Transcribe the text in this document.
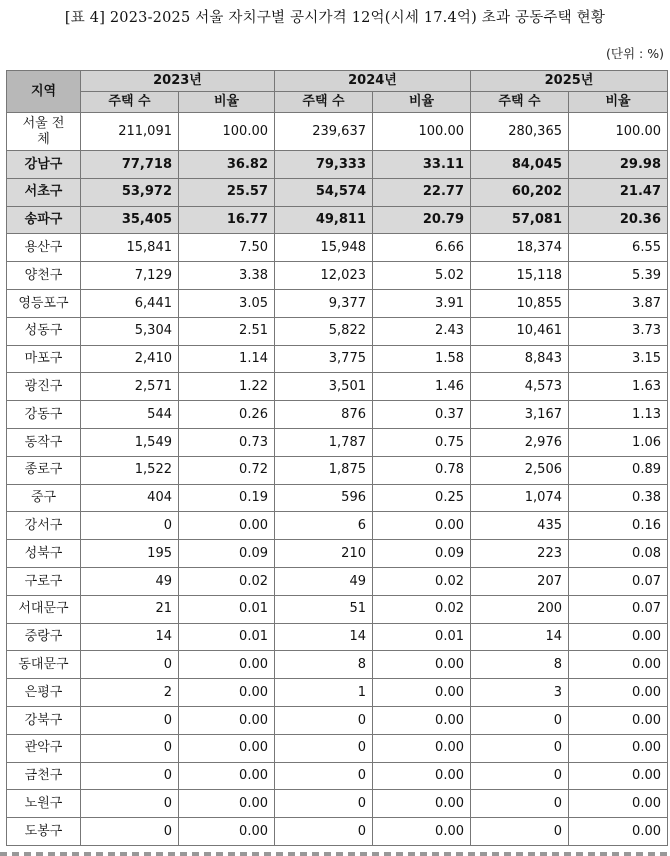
[표 4] 2023-2025 서울 자치구별 공시가격 12억(시세 17.4억) 초과 공동주택 현황
(단위 : %)
지역	2023년		2024년		2025년	
	주택 수	비율	주택 수	비율	주택 수	비율
서울 전체	211,091	100.00	239,637	100.00	280,365	100.00
강남구	77,718	36.82	79,333	33.11	84,045	29.98
서초구	53,972	25.57	54,574	22.77	60,202	21.47
송파구	35,405	16.77	49,811	20.79	57,081	20.36
용산구	15,841	7.50	15,948	6.66	18,374	6.55
양천구	7,129	3.38	12,023	5.02	15,118	5.39
영등포구	6,441	3.05	9,377	3.91	10,855	3.87
성동구	5,304	2.51	5,822	2.43	10,461	3.73
마포구	2,410	1.14	3,775	1.58	8,843	3.15
광진구	2,571	1.22	3,501	1.46	4,573	1.63
강동구	544	0.26	876	0.37	3,167	1.13
동작구	1,549	0.73	1,787	0.75	2,976	1.06
종로구	1,522	0.72	1,875	0.78	2,506	0.89
중구	404	0.19	596	0.25	1,074	0.38
강서구	0	0.00	6	0.00	435	0.16
성북구	195	0.09	210	0.09	223	0.08
구로구	49	0.02	49	0.02	207	0.07
서대문구	21	0.01	51	0.02	200	0.07
중랑구	14	0.01	14	0.01	14	0.00
동대문구	0	0.00	8	0.00	8	0.00
은평구	2	0.00	1	0.00	3	0.00
강북구	0	0.00	0	0.00	0	0.00
관악구	0	0.00	0	0.00	0	0.00
금천구	0	0.00	0	0.00	0	0.00
노원구	0	0.00	0	0.00	0	0.00
도봉구	0	0.00	0	0.00	0	0.00
